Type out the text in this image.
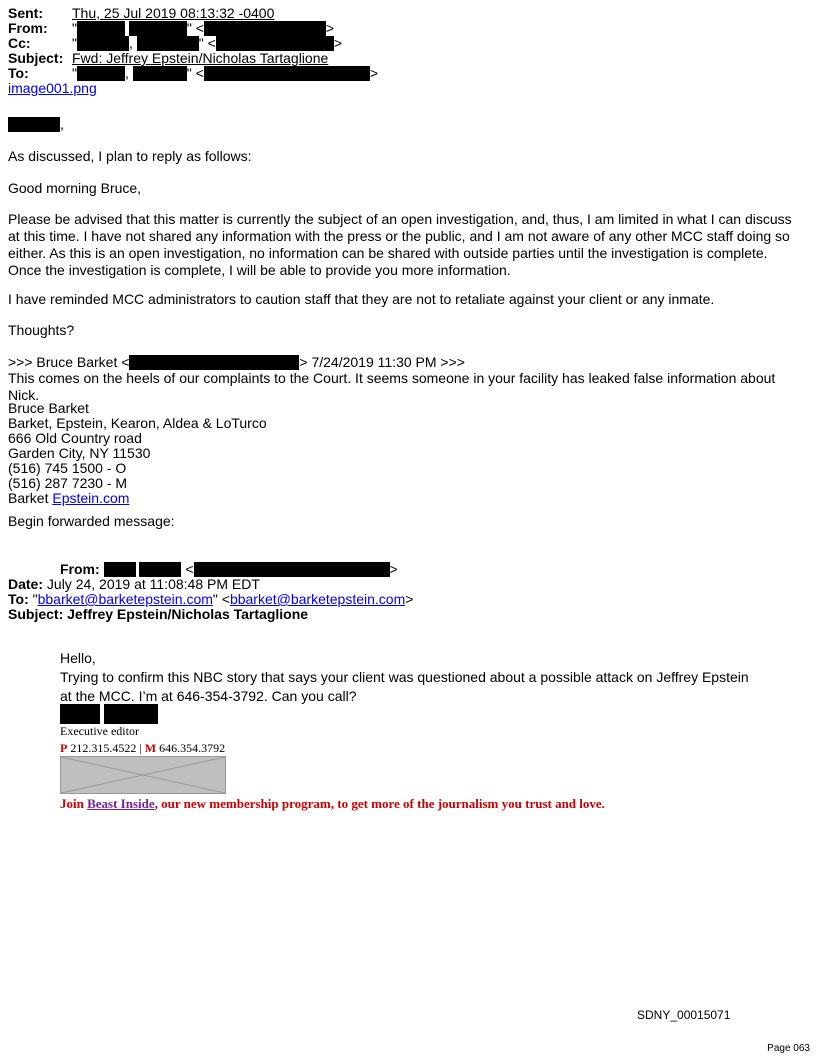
Sent: Thu, 25 Jul 2019 08:13:32 -0400
From: "	" <	>
Cc:	"	,	" <	>
Subject: Fwd: Jeffrey Epstein/Nicholas Tartaglione
To:	"	,	" <	>
image001.png
,
As discussed, I plan to reply as follows:
Good morning Bruce,
Please be advised that this matter is currently the subject of an open investigation, and, thus, I am limited in what I can discuss at this time. I have not shared any information with the press or the public, and I am not aware of any other MCC staff doing so either. As this is an open investigation, no information can be shared with outside parties until the investigation is complete. Once the investigation is complete, I will be able to provide you more information.
I have reminded MCC administrators to caution staff that they are not to retaliate against your client or any inmate.
Thoughts?
>>> Bruce Barket <	> 7/24/2019 11:30 PM >>>
This comes on the heels of our complaints to the Court. It seems someone in your facility has leaked false information about Nick.
Bruce Barket
Barket, Epstein, Kearon, Aldea & LoTurco
666 Old Country road
Garden City, NY 11530
(516) 745 1500 - O
(516) 287 7230 - M
Barket Epstein.com
Begin forwarded message:
From:	<	>
Date: July 24, 2019 at 11:08:48 PM EDT
To: "bbarket@barketepstein.com" <bbarket@barketepstein.com>
Subject: Jeffrey Epstein/Nicholas Tartaglione
Hello,
Trying to confirm this NBC story that says your client was questioned about a possible attack on Jeffrey Epstein at the MCC. I’m at 646-354-3792. Can you call?

Executive editor
P 212.315.4522 | M 646.354.3792
Join Beast Inside, our new membership program, to get more of the journalism you trust and love.
SDNY_00015071
Page 063
